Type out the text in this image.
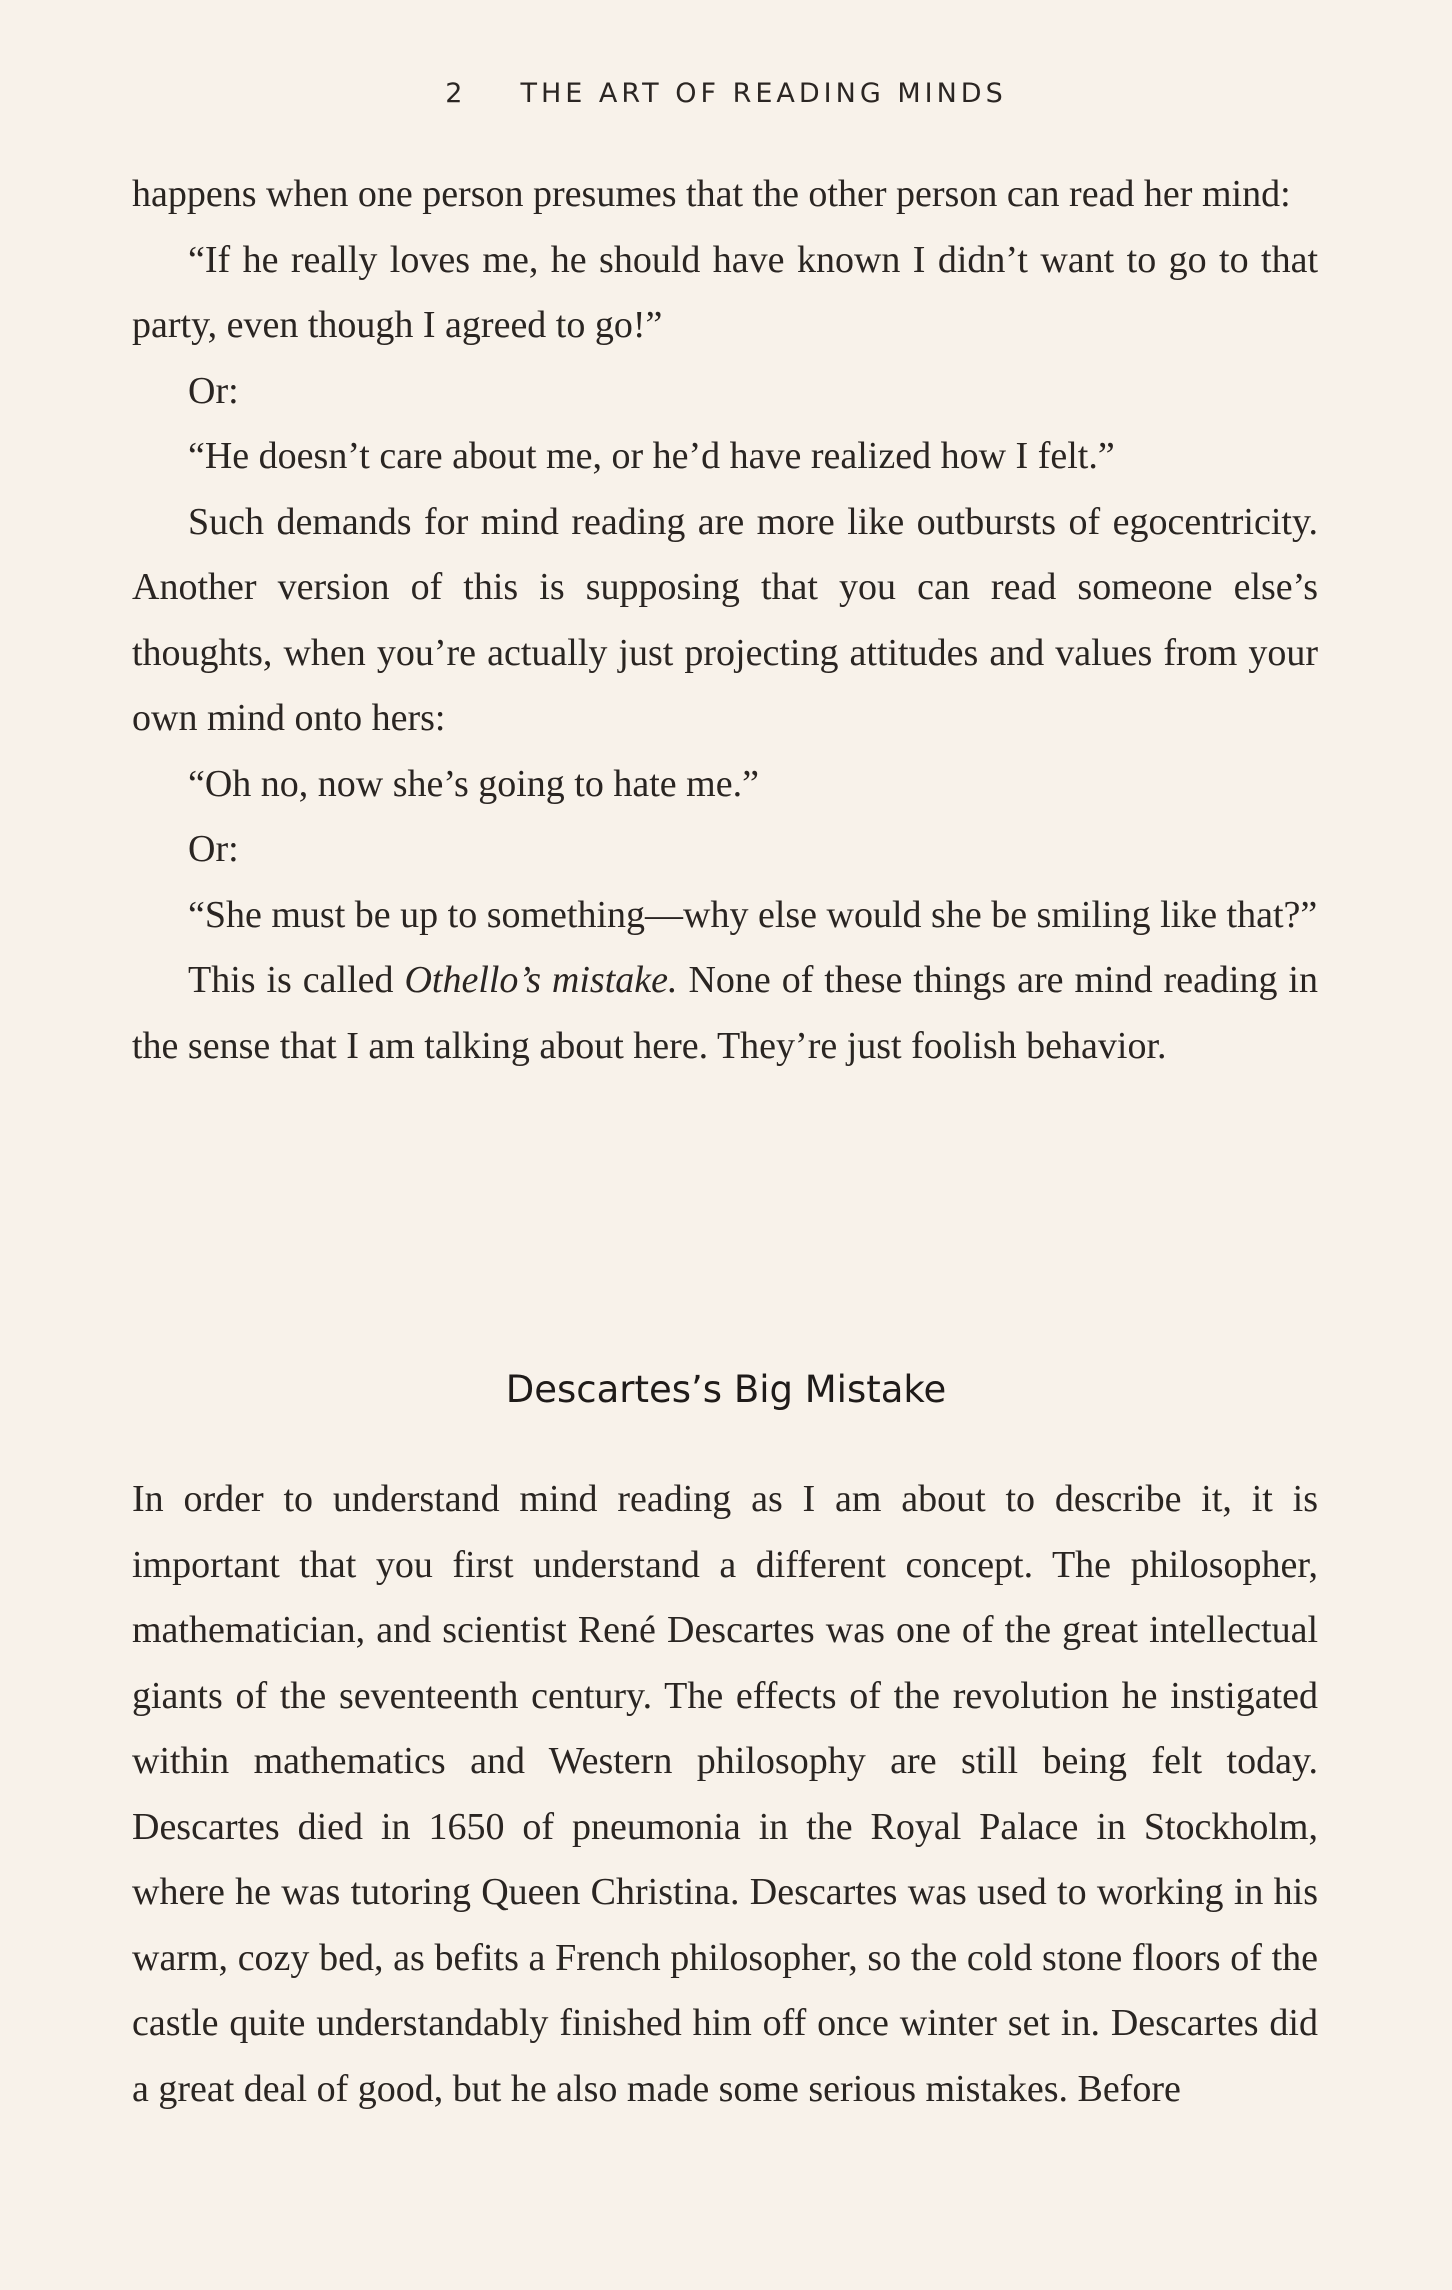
2 THE ART OF READING MINDS

happens when one person presumes that the other person can read her mind:

“If he really loves me, he should have known I didn’t want to go to that party, even though I agreed to go!”

Or:

“He doesn’t care about me, or he’d have realized how I felt.”

Such demands for mind reading are more like outbursts of egocentricity. Another version of this is supposing that you can read someone else’s thoughts, when you’re actually just projecting attitudes and values from your own mind onto hers:

“Oh no, now she’s going to hate me.”

Or:

“She must be up to something—why else would she be smiling like that?”

This is called Othello’s mistake. None of these things are mind reading in the sense that I am talking about here. They’re just foolish behavior.

Descartes’s Big Mistake

In order to understand mind reading as I am about to describe it, it is important that you first understand a different concept. The philosopher, mathematician, and scientist René Descartes was one of the great intellectual giants of the seventeenth century. The effects of the revolution he instigated within mathematics and Western philosophy are still being felt today. Descartes died in 1650 of pneumonia in the Royal Palace in Stockholm, where he was tutoring Queen Christina. Descartes was used to working in his warm, cozy bed, as befits a French philosopher, so the cold stone floors of the castle quite understandably finished him off once winter set in. Descartes did a great deal of good, but he also made some serious mistakes. Before
